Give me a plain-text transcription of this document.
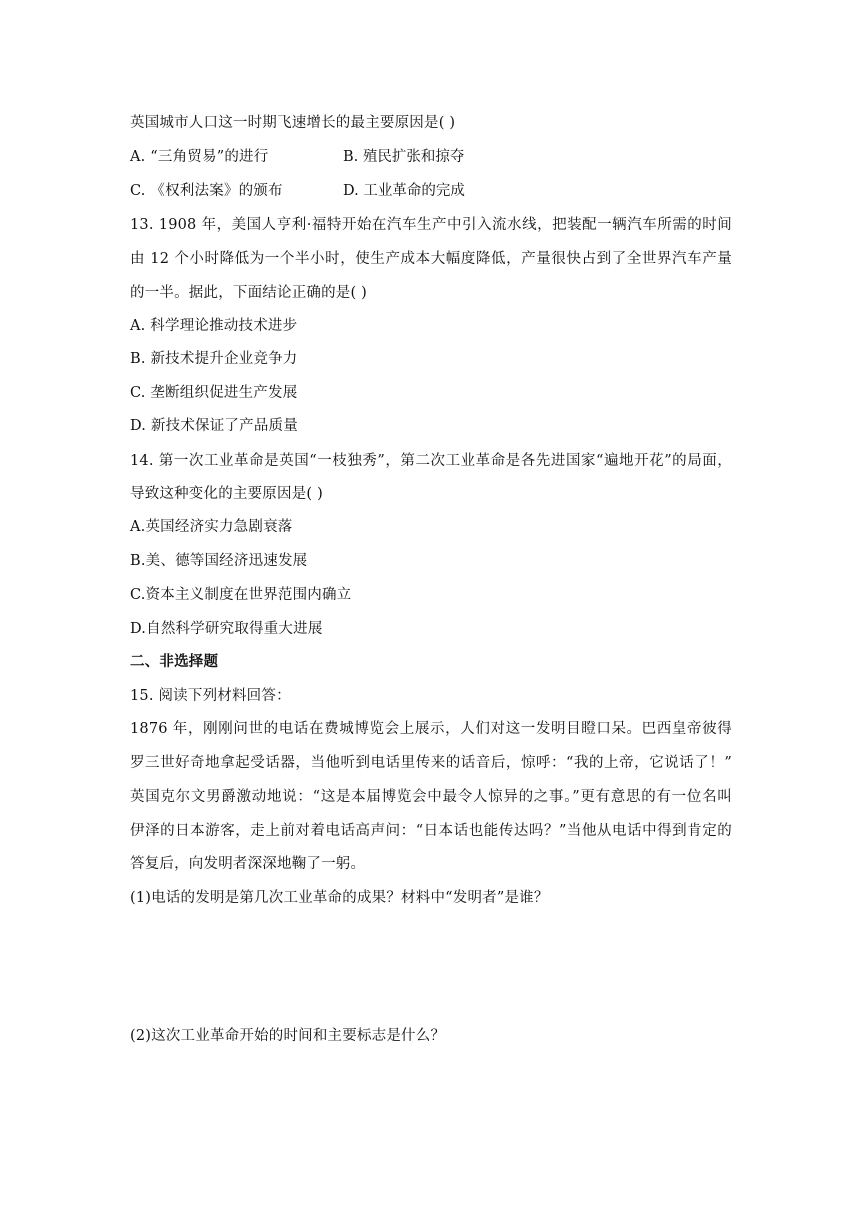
英国城市人口这一时期飞速增长的最主要原因是( )
A. “三角贸易”的进行	B. 殖民扩张和掠夺
C. 《权利法案》的颁布	D. 工业革命的完成
13. 1908 年，美国人亨利·福特开始在汽车生产中引入流水线，把装配一辆汽车所需的时间
由 12 个小时降低为一个半小时，使生产成本大幅度降低，产量很快占到了全世界汽车产量
的一半。据此，下面结论正确的是( )
A. 科学理论推动技术进步
B. 新技术提升企业竞争力
C. 垄断组织促进生产发展
D. 新技术保证了产品质量
14. 第一次工业革命是英国“一枝独秀”，第二次工业革命是各先进国家“遍地开花”的局面，
导致这种变化的主要原因是( )
A.英国经济实力急剧衰落
B.美、德等国经济迅速发展
C.资本主义制度在世界范围内确立
D.自然科学研究取得重大进展
二、非选择题
15. 阅读下列材料回答：
1876 年，刚刚问世的电话在费城博览会上展示，人们对这一发明目瞪口呆。巴西皇帝彼得
罗三世好奇地拿起受话器，当他听到电话里传来的话音后，惊呼：“我的上帝，它说话了！”
英国克尔文男爵激动地说：“这是本届博览会中最令人惊异的之事。”更有意思的有一位名叫
伊泽的日本游客，走上前对着电话高声问：“日本话也能传达吗？”当他从电话中得到肯定的
答复后，向发明者深深地鞠了一躬。
(1)电话的发明是第几次工业革命的成果？材料中“发明者”是谁？
(2)这次工业革命开始的时间和主要标志是什么？
